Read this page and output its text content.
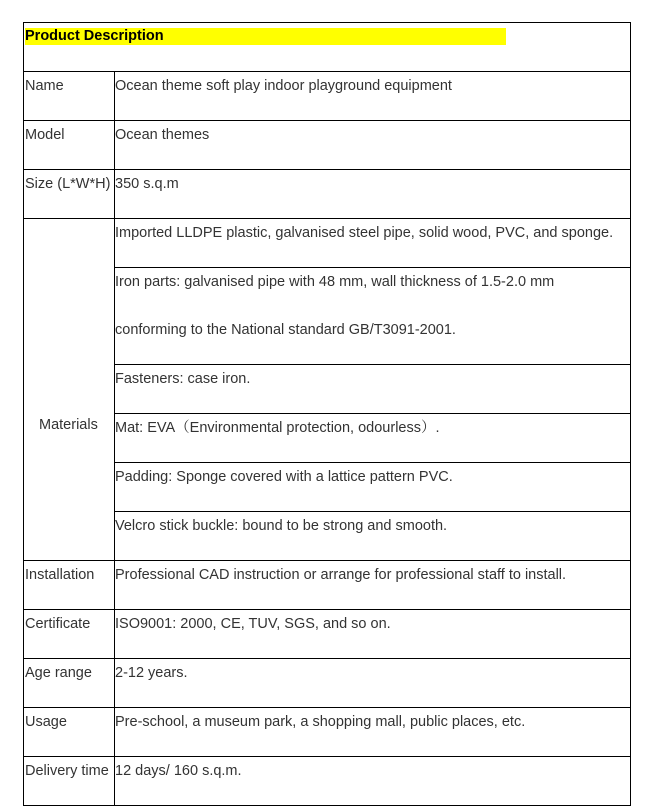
Product Description
Name
Model
Size (L*W*H)
Materials
Installation
Certificate
Age range
Usage
Delivery time
Ocean theme soft play indoor playground equipment
Ocean themes
350 s.q.m
Imported LLDPE plastic, galvanised steel pipe, solid wood, PVC, and sponge.
Iron parts: galvanised pipe with 48 mm, wall thickness of 1.5-2.0 mm
conforming to the National standard GB/T3091-2001.
Fasteners: case iron.
Mat: EVA（Environmental protection, odourless）.
Padding: Sponge covered with a lattice pattern PVC.
Velcro stick buckle: bound to be strong and smooth.
Professional CAD instruction or arrange for professional staff to install.
ISO9001: 2000, CE, TUV, SGS, and so on.
2-12 years.
Pre-school, a museum park, a shopping mall, public places, etc.
12 days/ 160 s.q.m.
